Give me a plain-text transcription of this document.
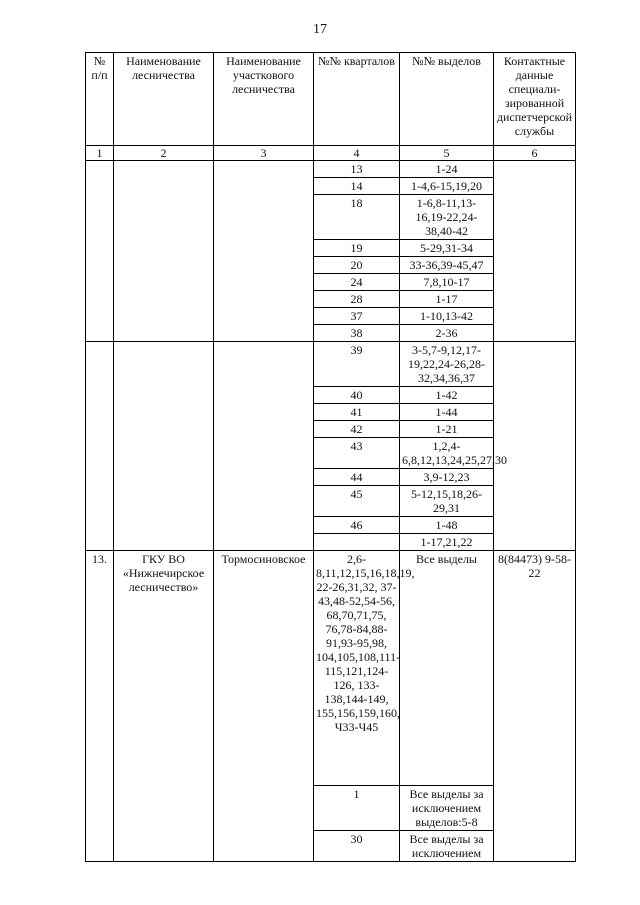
17
№ п/п	Наименование лесничества	Наименование участкового лесничества	№№ кварталов	№№ выделов	Контактные данные специали-зированной диспетчерской службы
1	2	3	4	5	6
			13	1-24	
			14	1-4,6-15,19,20	
			18	1-6,8-11,13-16,19-22,24-38,40-42	
			19	5-29,31-34	
			20	33-36,39-45,47	
			24	7,8,10-17	
			28	1-17	
			37	1-10,13-42	
			38	2-36	
			39	3-5,7-9,12,17-19,22,24-26,28-32,34,36,37	
			40	1-42	
			41	1-44	
			42	1-21	
			43	1,2,4-6,8,12,13,24,25,27,30	
			44	3,9-12,23	
			45	5-12,15,18,26-29,31	
			46	1-48	
				1-17,21,22	
13.	ГКУ ВО «Нижнечирское лесничество»	Тормосиновское	2,6-8,11,12,15,16,18,19, 22-26,31,32, 37-43,48-52,54-56, 68,70,71,75, 76,78-84,88-91,93-95,98, 104,105,108,111-115,121,124-126, 133-138,144-149, 155,156,159,160, Ч33-Ч45	Все выделы	8(84473) 9-58-22
			1	Все выделы за исключением выделов:5-8	
			30	Все выделы за исключением	
